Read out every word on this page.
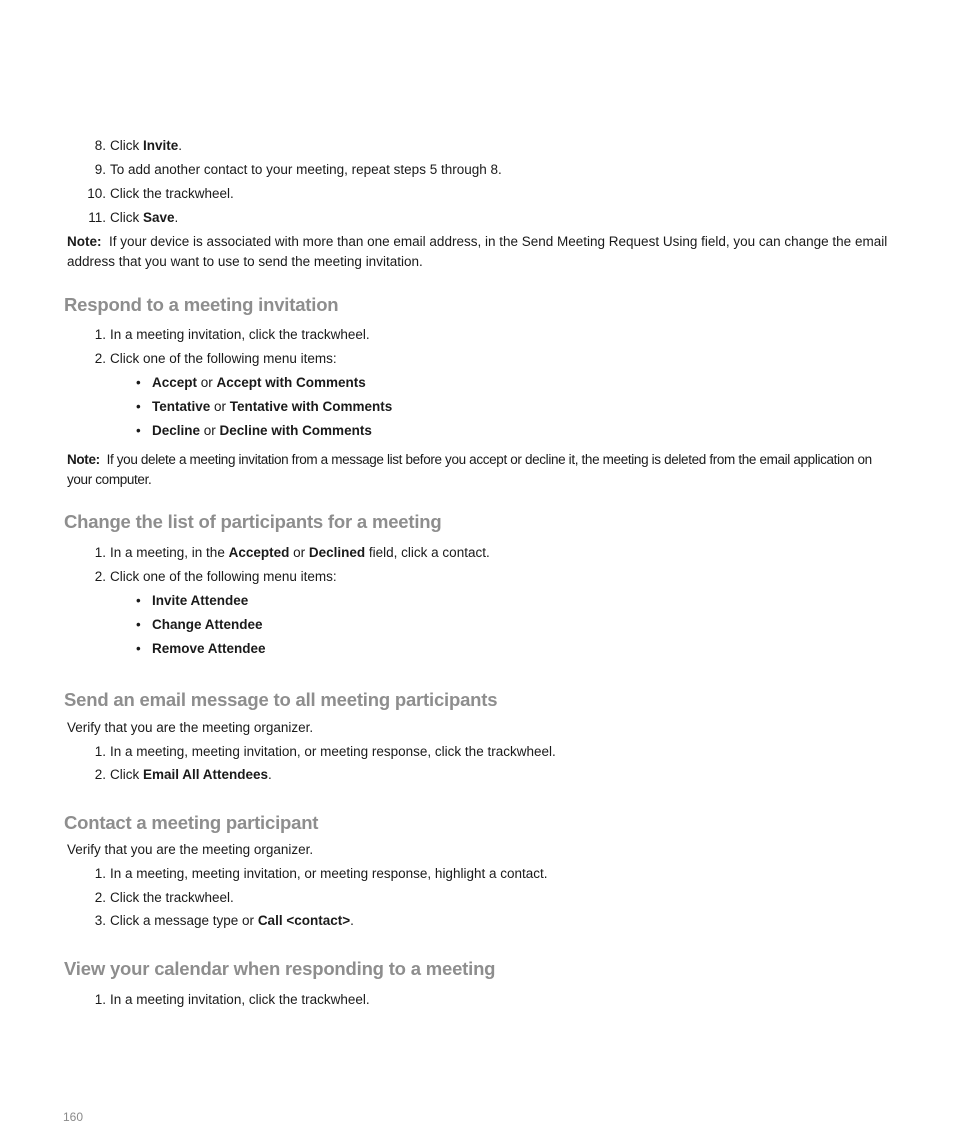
8. Click Invite.
9. To add another contact to your meeting, repeat steps 5 through 8.
10. Click the trackwheel.
11. Click Save.
Note: If your device is associated with more than one email address, in the Send Meeting Request Using field, you can change the email address that you want to use to send the meeting invitation.
Respond to a meeting invitation
1. In a meeting invitation, click the trackwheel.
2. Click one of the following menu items:
• Accept or Accept with Comments
• Tentative or Tentative with Comments
• Decline or Decline with Comments
Note: If you delete a meeting invitation from a message list before you accept or decline it, the meeting is deleted from the email application on your computer.
Change the list of participants for a meeting
1. In a meeting, in the Accepted or Declined field, click a contact.
2. Click one of the following menu items:
• Invite Attendee
• Change Attendee
• Remove Attendee
Send an email message to all meeting participants
Verify that you are the meeting organizer.
1. In a meeting, meeting invitation, or meeting response, click the trackwheel.
2. Click Email All Attendees.
Contact a meeting participant
Verify that you are the meeting organizer.
1. In a meeting, meeting invitation, or meeting response, highlight a contact.
2. Click the trackwheel.
3. Click a message type or Call <contact>.
View your calendar when responding to a meeting
1. In a meeting invitation, click the trackwheel.
160
